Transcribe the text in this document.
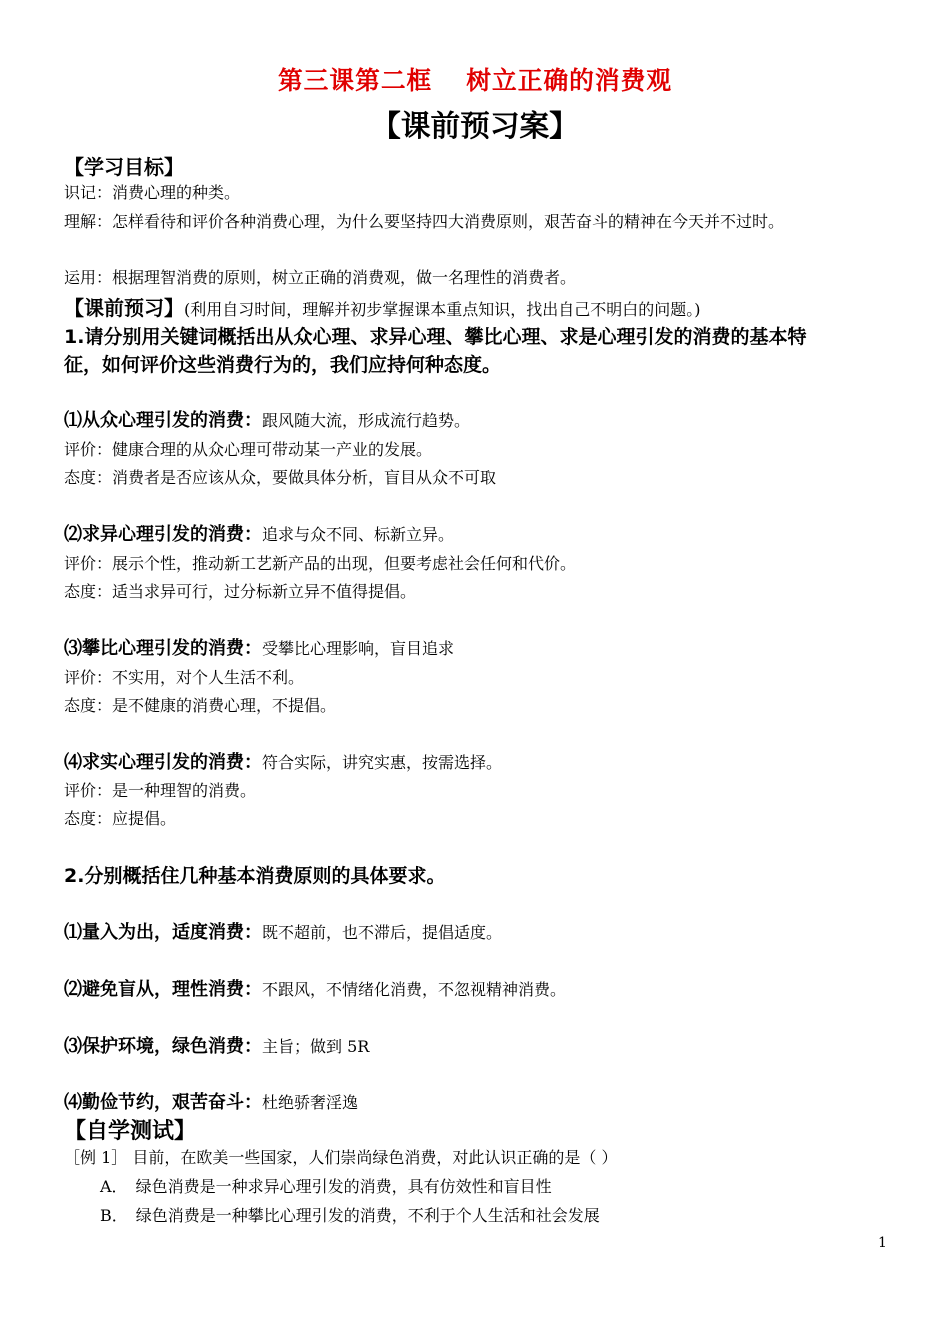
第三课第二框 树立正确的消费观
【课前预习案】
【学习目标】
识记：消费心理的种类。
理解：怎样看待和评价各种消费心理，为什么要坚持四大消费原则，艰苦奋斗的精神在今天并不过时。
运用：根据理智消费的原则，树立正确的消费观，做一名理性的消费者。
【课前预习】(利用自习时间，理解并初步掌握课本重点知识，找出自己不明白的问题。)
1.请分别用关键词概括出从众心理、求异心理、攀比心理、求是心理引发的消费的基本特
征，如何评价这些消费行为的，我们应持何种态度。
⑴从众心理引发的消费：跟风随大流，形成流行趋势。
评价：健康合理的从众心理可带动某一产业的发展。
态度：消费者是否应该从众，要做具体分析，盲目从众不可取
⑵求异心理引发的消费：追求与众不同、标新立异。
评价：展示个性，推动新工艺新产品的出现，但要考虑社会任何和代价。
态度：适当求异可行，过分标新立异不值得提倡。
⑶攀比心理引发的消费：受攀比心理影响，盲目追求
评价：不实用，对个人生活不利。
态度：是不健康的消费心理，不提倡。
⑷求实心理引发的消费：符合实际，讲究实惠，按需选择。
评价：是一种理智的消费。
态度：应提倡。
2.分别概括住几种基本消费原则的具体要求。
⑴量入为出，适度消费：既不超前，也不滞后，提倡适度。
⑵避免盲从，理性消费：不跟风，不情绪化消费，不忽视精神消费。
⑶保护环境，绿色消费：主旨；做到 5R
⑷勤俭节约，艰苦奋斗：杜绝骄奢淫逸
【自学测试】
［例 1］ 目前，在欧美一些国家，人们崇尚绿色消费，对此认识正确的是（ ）
A． 绿色消费是一种求异心理引发的消费，具有仿效性和盲目性
B． 绿色消费是一种攀比心理引发的消费，不利于个人生活和社会发展
1
